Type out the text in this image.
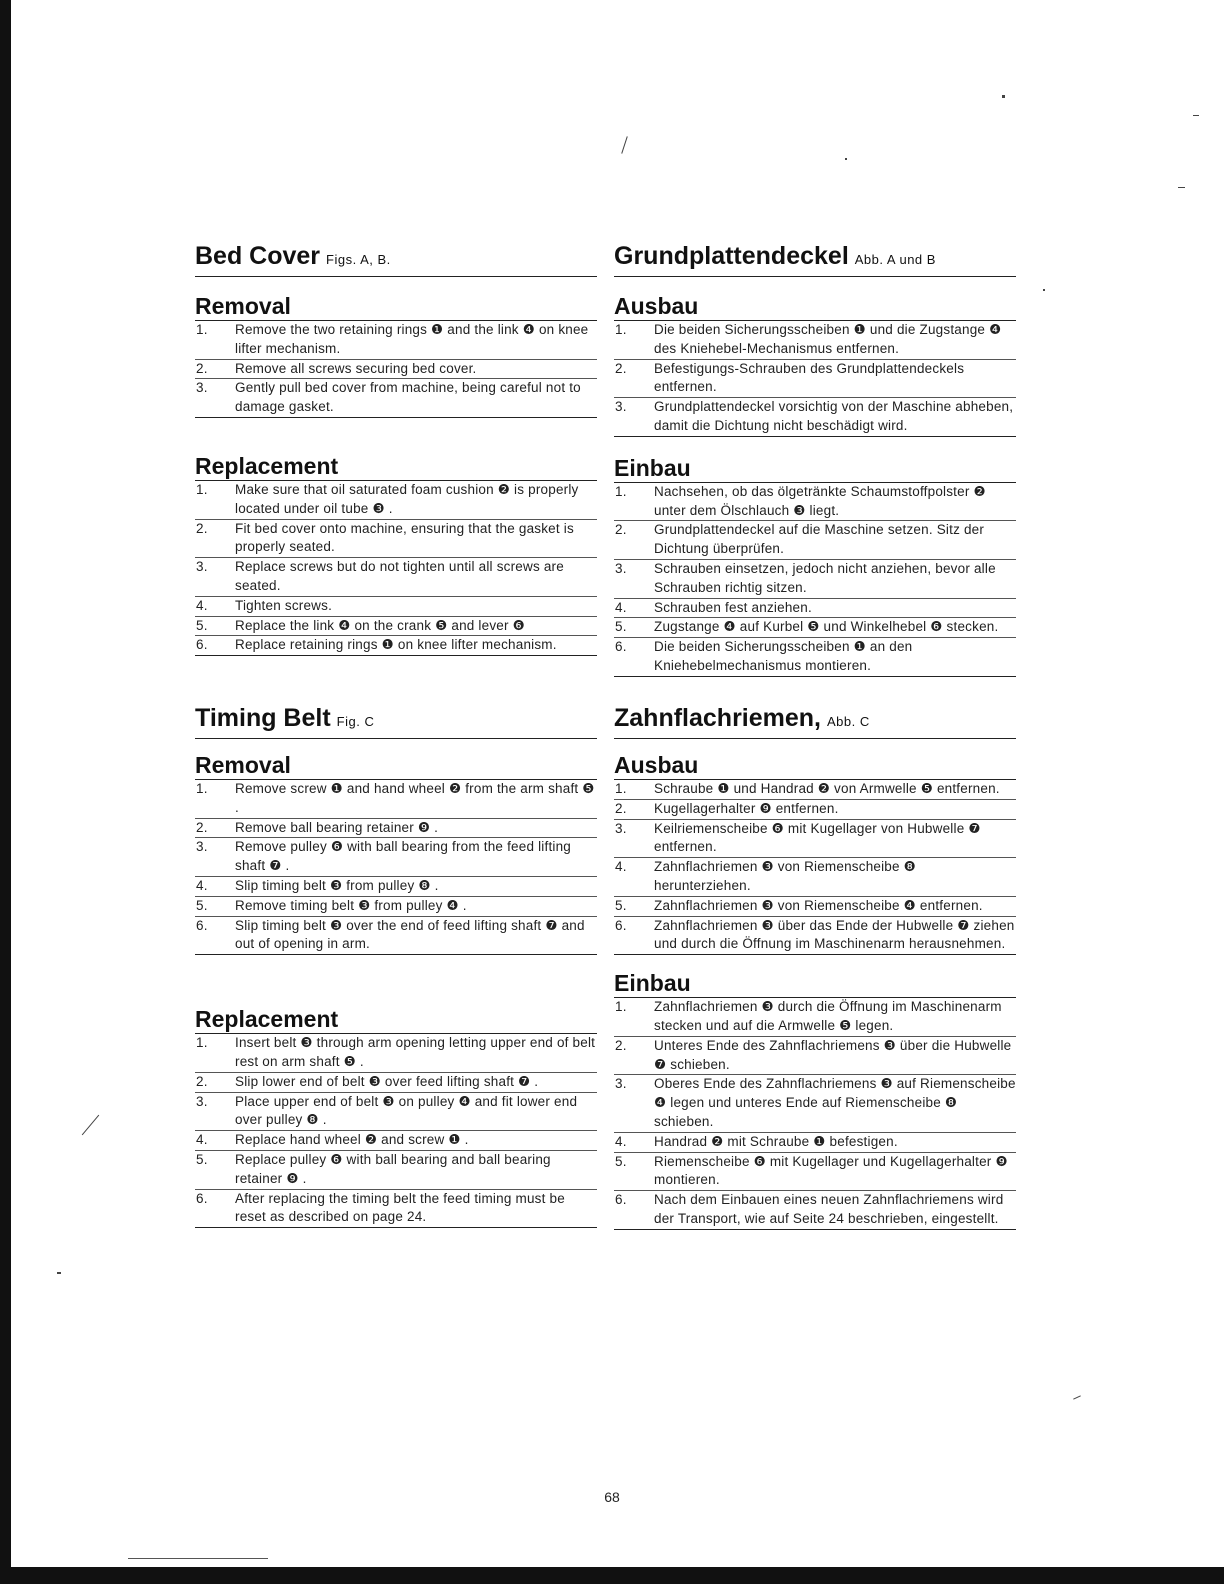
Bed Cover Figs. A, B.
Removal
1.	Remove the two retaining rings ❶ and the link ❹ on knee lifter mechanism.
2.	Remove all screws securing bed cover.
3.	Gently pull bed cover from machine, being careful not to damage gasket.
Replacement
1.	Make sure that oil saturated foam cushion ❷ is properly located under oil tube ❸ .
2.	Fit bed cover onto machine, ensuring that the gasket is properly seated.
3.	Replace screws but do not tighten until all screws are seated.
4.	Tighten screws.
5.	Replace the link ❹ on the crank ❺ and lever ❻
6.	Replace retaining rings ❶ on knee lifter mechanism.
Timing Belt Fig. C
Removal
1.	Remove screw ❶ and hand wheel ❷ from the arm shaft ❺ .
2.	Remove ball bearing retainer ❾ .
3.	Remove pulley ❻ with ball bearing from the feed lifting shaft ❼ .
4.	Slip timing belt ❸ from pulley ❽ .
5.	Remove timing belt ❸ from pulley ❹ .
6.	Slip timing belt ❸ over the end of feed lifting shaft ❼ and out of opening in arm.
Replacement
1.	Insert belt ❸ through arm opening letting upper end of belt rest on arm shaft ❺ .
2.	Slip lower end of belt ❸ over feed lifting shaft ❼ .
3.	Place upper end of belt ❸ on pulley ❹ and fit lower end over pulley ❽ .
4.	Replace hand wheel ❷ and screw ❶ .
5.	Replace pulley ❻ with ball bearing and ball bearing retainer ❾ .
6.	After replacing the timing belt the feed timing must be reset as described on page 24.
Grundplattendeckel Abb. A und B
Ausbau
1.	Die beiden Sicherungsscheiben ❶ und die Zugstange ❹ des Kniehebel-Mechanismus entfernen.
2.	Befestigungs-Schrauben des Grundplattendeckels entfernen.
3.	Grundplattendeckel vorsichtig von der Maschine abheben, damit die Dichtung nicht beschädigt wird.
Einbau
1.	Nachsehen, ob das ölgetränkte Schaumstoffpolster ❷ unter dem Ölschlauch ❸ liegt.
2.	Grundplattendeckel auf die Maschine setzen. Sitz der Dichtung überprüfen.
3.	Schrauben einsetzen, jedoch nicht anziehen, bevor alle Schrauben richtig sitzen.
4.	Schrauben fest anziehen.
5.	Zugstange ❹ auf Kurbel ❺ und Winkelhebel ❻ stecken.
6.	Die beiden Sicherungsscheiben ❶ an den Kniehebelmechanismus montieren.
Zahnflachriemen, Abb. C
Ausbau
1.	Schraube ❶ und Handrad ❷ von Armwelle ❺ entfernen.
2.	Kugellagerhalter ❾ entfernen.
3.	Keilriemenscheibe ❻ mit Kugellager von Hubwelle ❼ entfernen.
4.	Zahnflachriemen ❸ von Riemenscheibe ❽ herunterziehen.
5.	Zahnflachriemen ❸ von Riemenscheibe ❹ entfernen.
6.	Zahnflachriemen ❸ über das Ende der Hubwelle ❼ ziehen und durch die Öffnung im Maschinenarm herausnehmen.
Einbau
1.	Zahnflachriemen ❸ durch die Öffnung im Maschinenarm stecken und auf die Armwelle ❺ legen.
2.	Unteres Ende des Zahnflachriemens ❸ über die Hubwelle ❼ schieben.
3.	Oberes Ende des Zahnflachriemens ❸ auf Riemenscheibe ❹ legen und unteres Ende auf Riemenscheibe ❽ schieben.
4.	Handrad ❷ mit Schraube ❶ befestigen.
5.	Riemenscheibe ❻ mit Kugellager und Kugellagerhalter ❾ montieren.
6.	Nach dem Einbauen eines neuen Zahnflachriemens wird der Transport, wie auf Seite 24 beschrieben, eingestellt.
68
